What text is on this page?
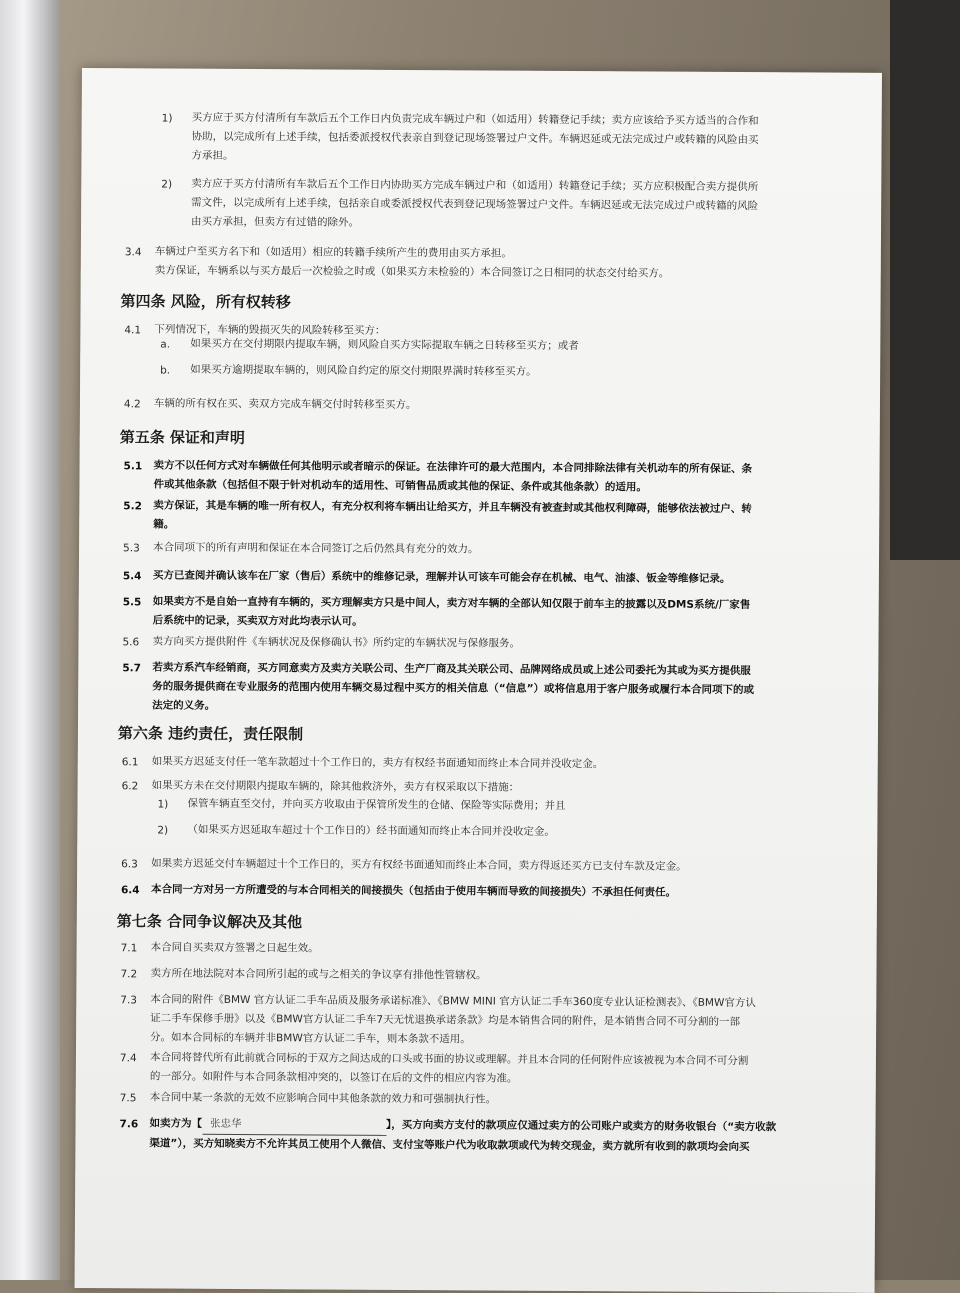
1) 买方应于买方付清所有车款后五个工作日内负责完成车辆过户和（如适用）转籍登记手续；卖方应该给予买方适当的合作和
协助，以完成所有上述手续，包括委派授权代表亲自到登记现场签署过户文件。车辆迟延或无法完成过户或转籍的风险由买
方承担。
2) 卖方应于买方付清所有车款后五个工作日内协助买方完成车辆过户和（如适用）转籍登记手续；买方应积极配合卖方提供所
需文件，以完成所有上述手续，包括亲自或委派授权代表到登记现场签署过户文件。车辆迟延或无法完成过户或转籍的风险
由买方承担，但卖方有过错的除外。
3.4 车辆过户至买方名下和（如适用）相应的转籍手续所产生的费用由买方承担。
卖方保证，车辆系以与买方最后一次检验之时或（如果买方未检验的）本合同签订之日相同的状态交付给买方。
第四条 风险，所有权转移
4.1 下列情况下，车辆的毁损灭失的风险转移至买方：
a. 如果买方在交付期限内提取车辆，则风险自买方实际提取车辆之日转移至买方；或者
b. 如果买方逾期提取车辆的，则风险自约定的原交付期限界满时转移至买方。
4.2 车辆的所有权在买、卖双方完成车辆交付时转移至买方。
第五条 保证和声明
5.1 卖方不以任何方式对车辆做任何其他明示或者暗示的保证。在法律许可的最大范围内，本合同排除法律有关机动车的所有保证、条
件或其他条款（包括但不限于针对机动车的适用性、可销售品质或其他的保证、条件或其他条款）的适用。
5.2 卖方保证，其是车辆的唯一所有权人，有充分权利将车辆出让给买方，并且车辆没有被查封或其他权利障碍，能够依法被过户、转
籍。
5.3 本合同项下的所有声明和保证在本合同签订之后仍然具有充分的效力。
5.4 买方已查阅并确认该车在厂家（售后）系统中的维修记录，理解并认可该车可能会存在机械、电气、油漆、钣金等维修记录。
5.5 如果卖方不是自始一直持有车辆的，买方理解卖方只是中间人，卖方对车辆的全部认知仅限于前车主的披露以及DMS系统/厂家售
后系统中的记录，买卖双方对此均表示认可。
5.6 卖方向买方提供附件《车辆状况及保修确认书》所约定的车辆状况与保修服务。
5.7 若卖方系汽车经销商，买方同意卖方及卖方关联公司、生产厂商及其关联公司、品牌网络成员或上述公司委托为其或为买方提供服
务的服务提供商在专业服务的范围内使用车辆交易过程中买方的相关信息（“信息”）或将信息用于客户服务或履行本合同项下的或
法定的义务。
第六条 违约责任，责任限制
6.1 如果买方迟延支付任一笔车款超过十个工作日的，卖方有权经书面通知而终止本合同并没收定金。
6.2 如果买方未在交付期限内提取车辆的，除其他救济外，卖方有权采取以下措施：
1) 保管车辆直至交付，并向买方收取由于保管所发生的仓储、保险等实际费用；并且
2) （如果买方迟延取车超过十个工作日的）经书面通知而终止本合同并没收定金。
6.3 如果卖方迟延交付车辆超过十个工作日的，买方有权经书面通知而终止本合同，卖方得返还买方已支付车款及定金。
6.4 本合同一方对另一方所遭受的与本合同相关的间接损失（包括由于使用车辆而导致的间接损失）不承担任何责任。
第七条 合同争议解决及其他
7.1 本合同自买卖双方签署之日起生效。
7.2 卖方所在地法院对本合同所引起的或与之相关的争议享有排他性管辖权。
7.3 本合同的附件《BMW 官方认证二手车品质及服务承诺标准》、《BMW MINI 官方认证二手车360度专业认证检测表》、《BMW官方认
证二手车保修手册》以及《BMW官方认证二手车7天无忧退换承诺条款》均是本销售合同的附件，是本销售合同不可分割的一部
分。如本合同标的车辆并非BMW官方认证二手车，则本条款不适用。
7.4 本合同将替代所有此前就合同标的于双方之间达成的口头或书面的协议或理解。并且本合同的任何附件应该被视为本合同不可分割
的一部分。如附件与本合同条款相冲突的，以签订在后的文件的相应内容为准。
7.5 本合同中某一条款的无效不应影响合同中其他条款的效力和可强制执行性。
7.6 如卖方为【 张忠华	】，买方向卖方支付的款项应仅通过卖方的公司账户或卖方的财务收银台（“卖方收款
渠道”），买方知晓卖方不允许其员工使用个人微信、支付宝等账户代为收取款项或代为转交现金，卖方就所有收到的款项均会向买
